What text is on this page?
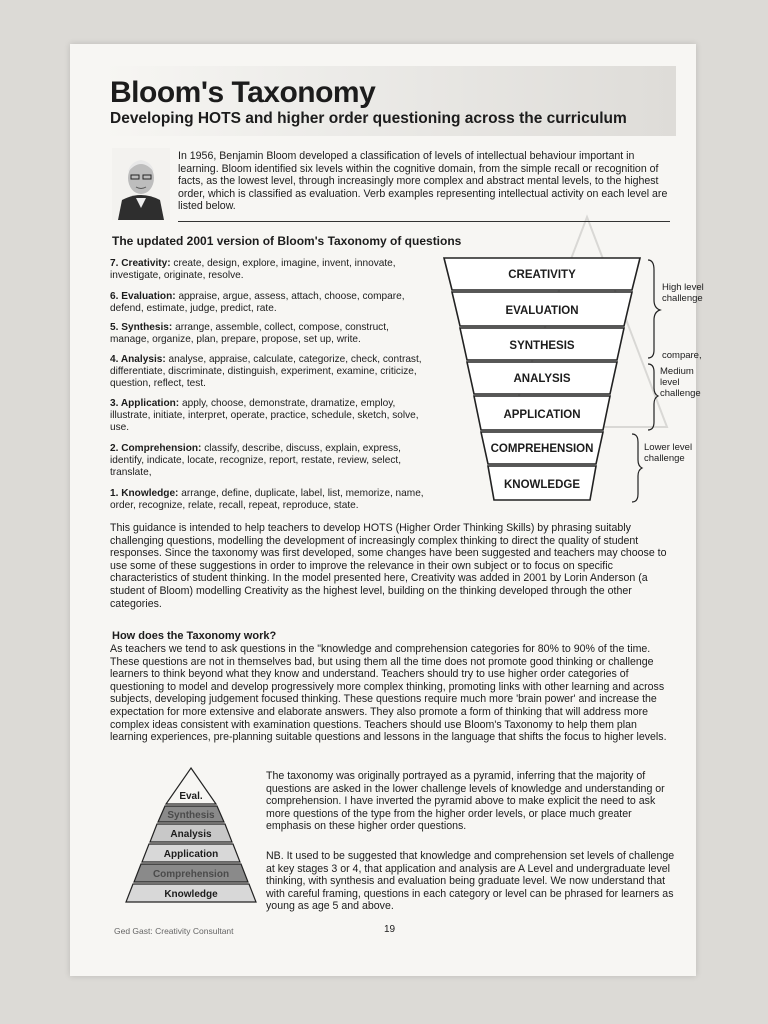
Bloom's Taxonomy
Developing HOTS and higher order questioning across the curriculum

In 1956, Benjamin Bloom developed a classification of levels of intellectual behaviour important in learning. Bloom identified six levels within the cognitive domain, from the simple recall or recognition of facts, as the lowest level, through increasingly more complex and abstract mental levels, to the highest order, which is classified as evaluation. Verb examples representing intellectual activity on each level are listed below.

The updated 2001 version of Bloom's Taxonomy of questions

7. Creativity: create, design, explore, imagine, invent, innovate, investigate, originate, resolve.

6. Evaluation: appraise, argue, assess, attach, choose, compare, defend, estimate, judge, predict, rate.

5. Synthesis: arrange, assemble, collect, compose, construct, manage, organize, plan, prepare, propose, set up, write.

4. Analysis: analyse, appraise, calculate, categorize, check, contrast, differentiate, discriminate, distinguish, experiment, examine, criticize, question, reflect, test.

3. Application: apply, choose, demonstrate, dramatize, employ, illustrate, initiate, interpret, operate, practice, schedule, sketch, solve, use.

2. Comprehension: classify, describe, discuss, explain, express, identify, indicate, locate, recognize, report, restate, review, select, translate,

1. Knowledge: arrange, define, duplicate, label, list, memorize, name, order, recognize, relate, recall, repeat, reproduce, state.

CREATIVITY
EVALUATION
SYNTHESIS
ANALYSIS
APPLICATION
COMPREHENSION
KNOWLEDGE
High level challenge
compare,
Medium level challenge
Lower level challenge

This guidance is intended to help teachers to develop HOTS (Higher Order Thinking Skills) by phrasing suitably challenging questions, modelling the development of increasingly complex thinking to direct the quality of student responses. Since the taxonomy was first developed, some changes have been suggested and teachers may choose to use some of these suggestions in order to improve the relevance in their own subject or to focus on specific characteristics of student thinking. In the model presented here, Creativity was added in 2001 by Lorin Anderson (a student of Bloom) modelling Creativity as the highest level, building on the thinking developed through the other categories.

How does the Taxonomy work?

As teachers we tend to ask questions in the "knowledge and comprehension categories for 80% to 90% of the time. These questions are not in themselves bad, but using them all the time does not promote good thinking or challenge learners to think beyond what they know and understand. Teachers should try to use higher order categories of questioning to model and develop progressively more complex thinking, promoting links with other learning and across subjects, developing judgement focused thinking. These questions require much more 'brain power' and increase the expectation for more extensive and elaborate answers. They also promote a form of thinking that will address more complex ideas consistent with examination questions. Teachers should use Bloom's Taxonomy to help them plan learning experiences, pre-planning suitable questions and lessons in the language that shifts the focus to higher levels.

Eval.
Synthesis
Analysis
Application
Comprehension
Knowledge

The taxonomy was originally portrayed as a pyramid, inferring that the majority of questions are asked in the lower challenge levels of knowledge and understanding or comprehension. I have inverted the pyramid above to make explicit the need to ask more questions of the type from the higher order levels, or place much greater emphasis on these higher order questions.

NB. It used to be suggested that knowledge and comprehension set levels of challenge at key stages 3 or 4, that application and analysis are A Level and undergraduate level thinking, with synthesis and evaluation being graduate level. We now understand that with careful framing, questions in each category or level can be phrased for learners as young as age 5 and above.

Ged Gast: Creativity Consultant	19
